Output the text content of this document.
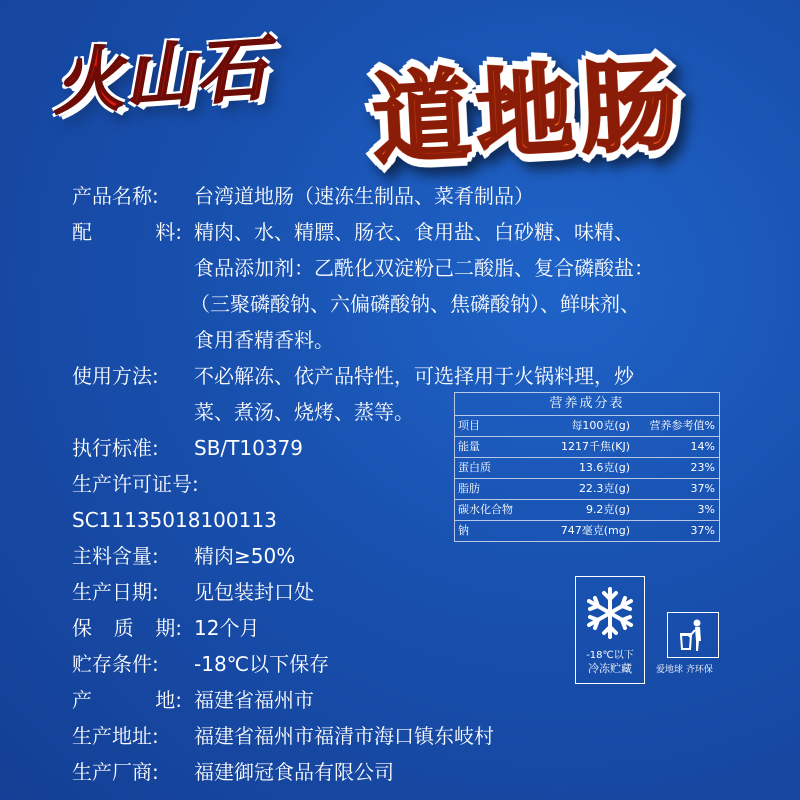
火山石 道地肠
产品名称:	台湾道地肠（速冻生制品、菜肴制品）
配	料: 精肉、水、精膘、肠衣、食用盐、白砂糖、味精、
食品添加剂：乙酰化双淀粉己二酸脂、复合磷酸盐：
（三聚磷酸钠、六偏磷酸钠、焦磷酸钠）、鲜味剂、
食用香精香料。
使用方法:	不必解冻、依产品特性，可选择用于火锅料理，炒
菜、煮汤、烧烤、蒸等。
执行标准:	SB/T10379
生产许可证号:
SC11135018100113
主料含量:	精肉≥50%
生产日期:	见包装封口处
保 质 期: 12个月
贮存条件:	-18℃以下保存
产	地: 福建省福州市
生产地址:	福建省福州市福清市海口镇东岐村
生产厂商:	福建御冠食品有限公司
营养成分表
项目	每100克(g)	营养参考值%
能量	1217千焦(KJ)	14%
蛋白质	13.6克(g)	23%
脂肪	22.3克(g)	37%
碳水化合物	9.2克(g)	3%
钠	747毫克(mg)	37%
-18℃以下
冷冻贮藏	爱地球 齐环保
